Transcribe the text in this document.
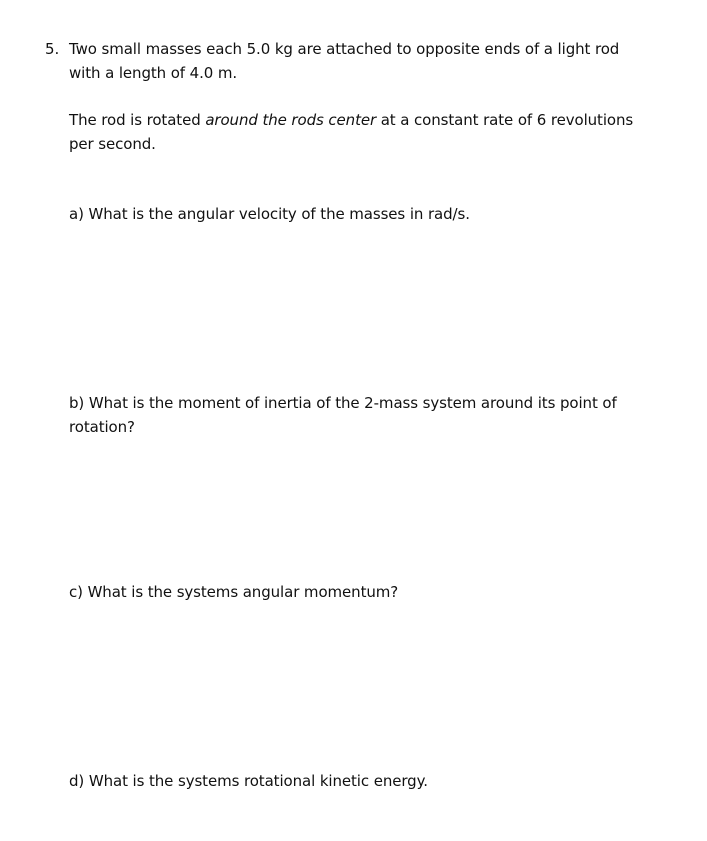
5. Two small masses each 5.0 kg are attached to opposite ends of a light rod with a length of 4.0 m.
The rod is rotated around the rods center at a constant rate of 6 revolutions per second.
a) What is the angular velocity of the masses in rad/s.
b) What is the moment of inertia of the 2-mass system around its point of rotation?
c) What is the systems angular momentum?
d) What is the systems rotational kinetic energy.
